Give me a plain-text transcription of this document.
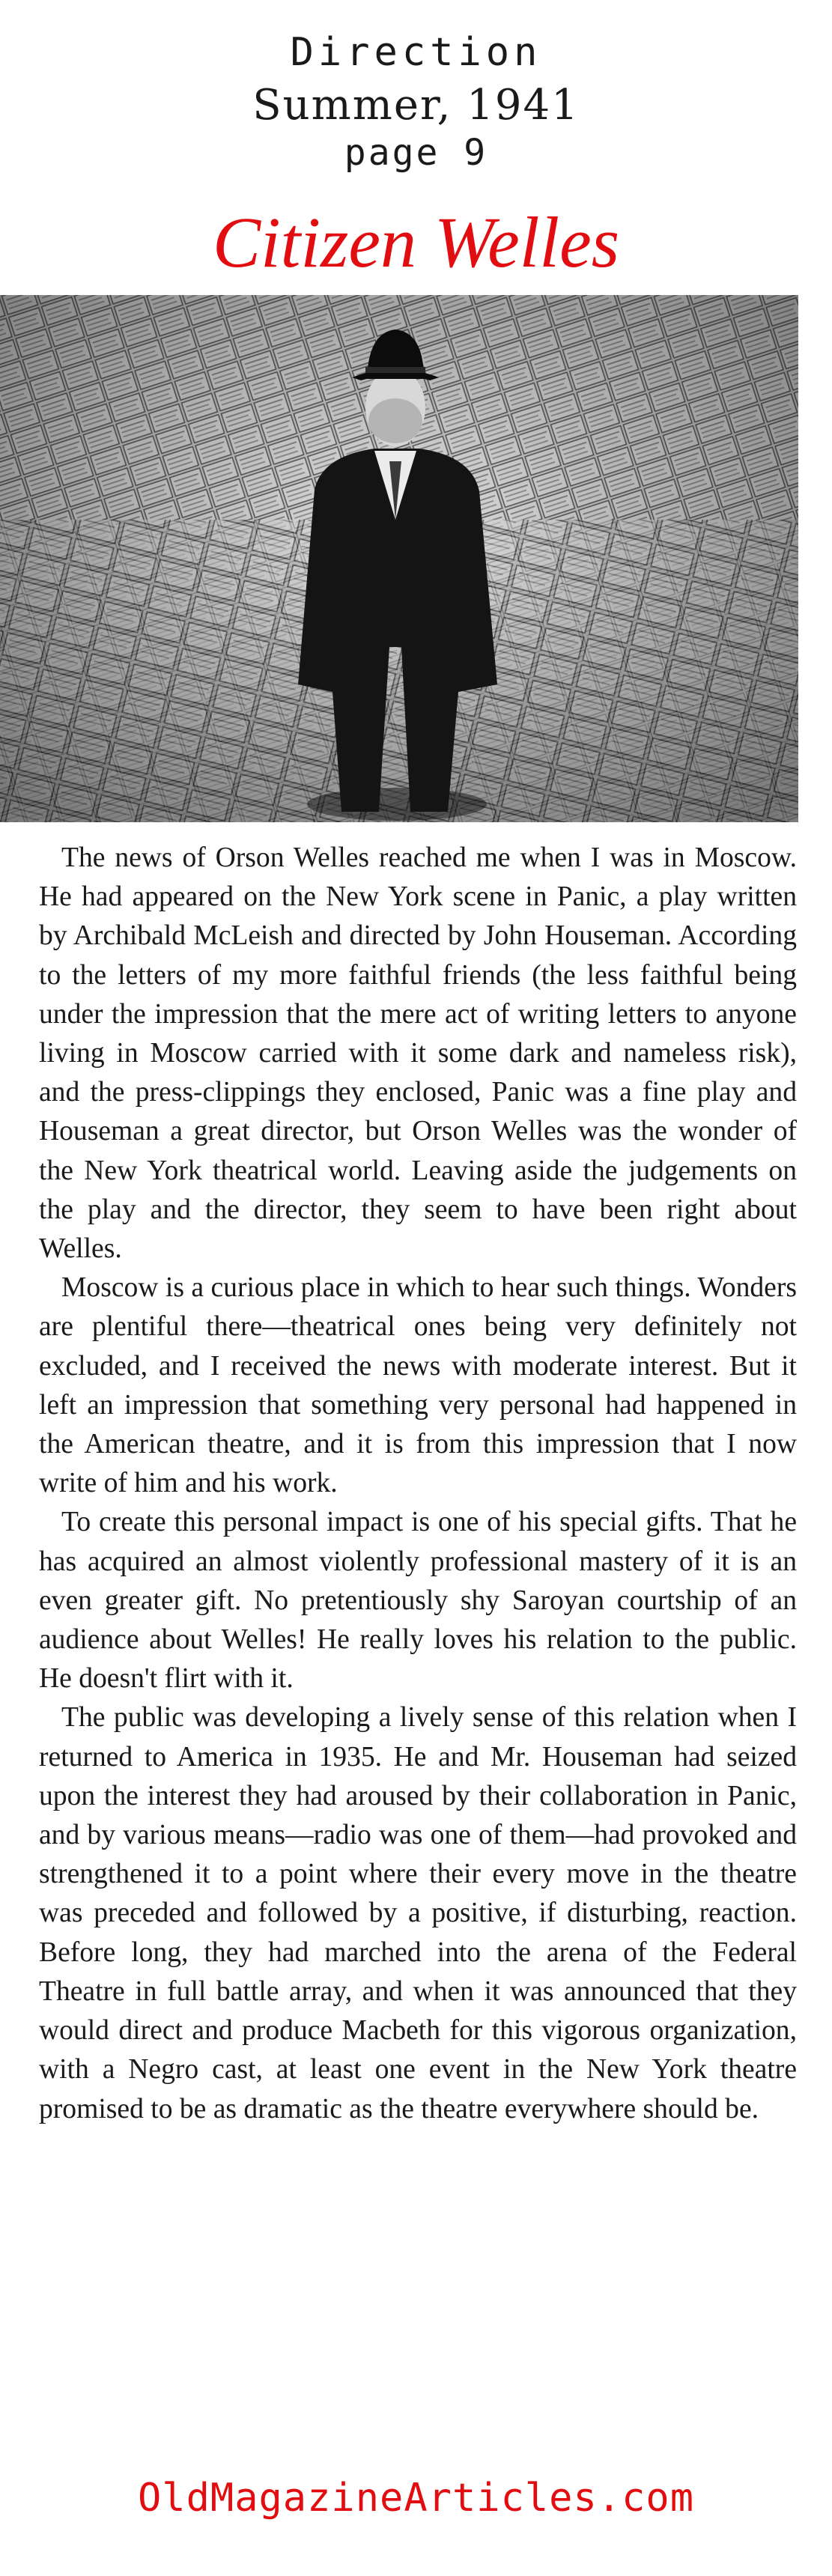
Direction
Summer, 1941
page 9
Citizen Welles

The news of Orson Welles reached me when I was in Moscow. He had appeared on the New York scene in Panic, a play written by Archibald McLeish and directed by John Houseman. According to the letters of my more faithful friends (the less faithful being under the impression that the mere act of writing letters to anyone living in Moscow carried with it some dark and nameless risk), and the press-clippings they enclosed, Panic was a fine play and Houseman a great director, but Orson Welles was the wonder of the New York theatrical world. Leaving aside the judgements on the play and the director, they seem to have been right about Welles.

Moscow is a curious place in which to hear such things. Wonders are plentiful there—theatrical ones being very definitely not excluded, and I received the news with moderate interest. But it left an impression that something very personal had happened in the American theatre, and it is from this impression that I now write of him and his work.

To create this personal impact is one of his special gifts. That he has acquired an almost violently professional mastery of it is an even greater gift. No pretentiously shy Saroyan courtship of an audience about Welles! He really loves his relation to the public. He doesn't flirt with it.

The public was developing a lively sense of this relation when I returned to America in 1935. He and Mr. Houseman had seized upon the interest they had aroused by their collaboration in Panic, and by various means—radio was one of them—had provoked and strengthened it to a point where their every move in the theatre was preceded and followed by a positive, if disturbing, reaction. Before long, they had marched into the arena of the Federal Theatre in full battle array, and when it was announced that they would direct and produce Macbeth for this vigorous organization, with a Negro cast, at least one event in the New York theatre promised to be as dramatic as the theatre everywhere should be.

OldMagazineArticles.com
